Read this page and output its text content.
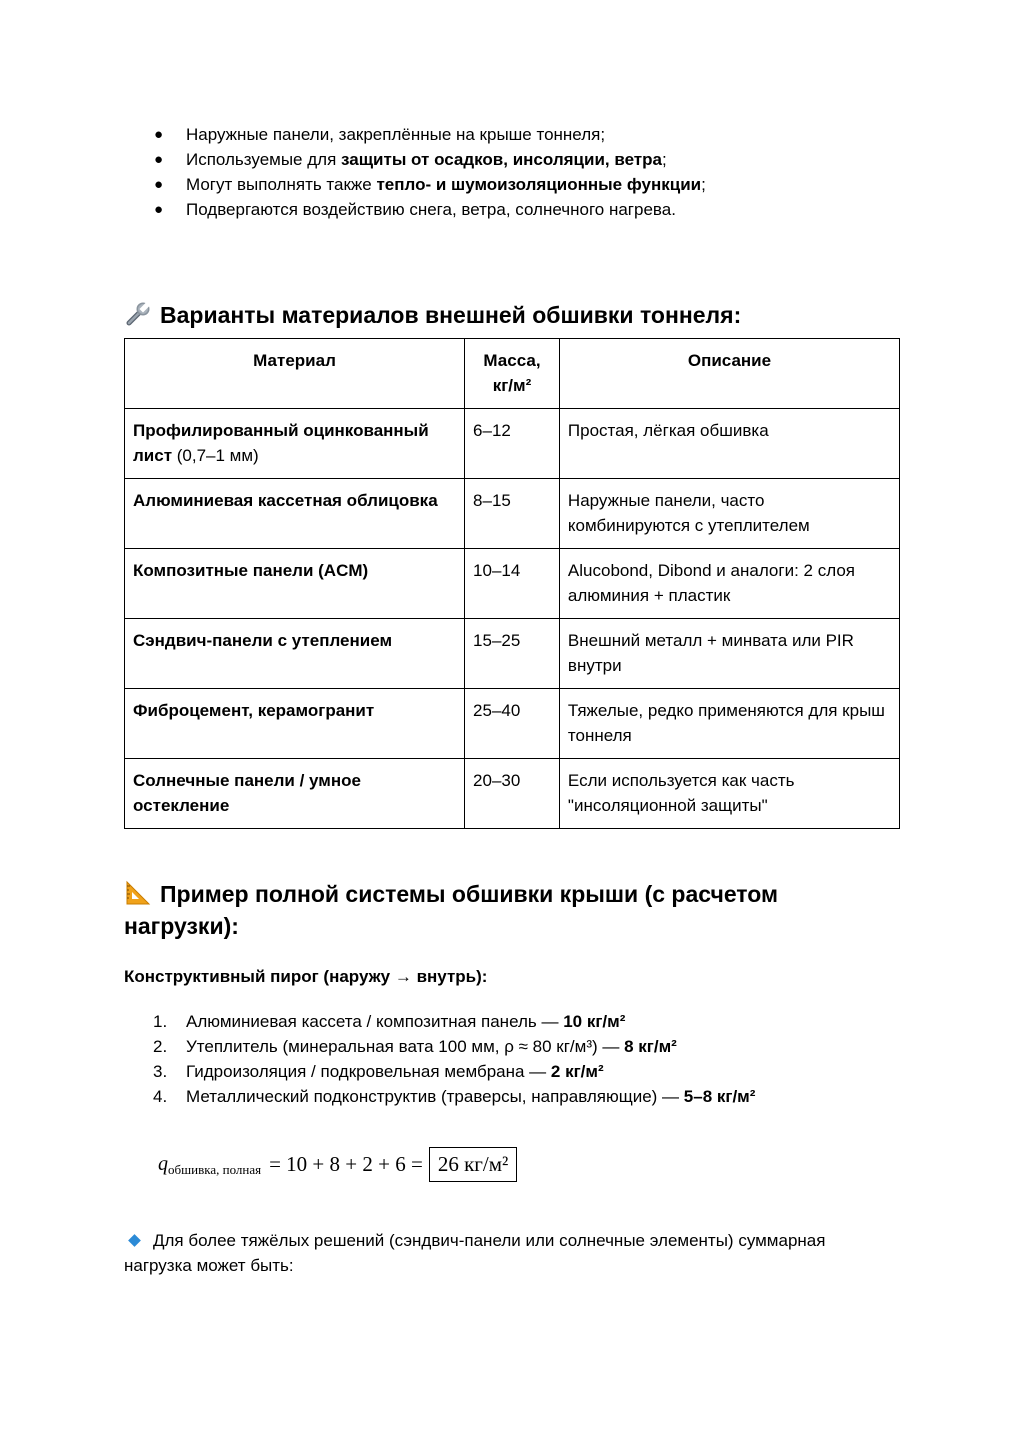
● Наружные панели, закреплённые на крыше тоннеля;
● Используемые для защиты от осадков, инсоляции, ветра;
● Могут выполнять также тепло- и шумоизоляционные функции;
● Подвергаются воздействию снега, ветра, солнечного нагрева.
Варианты материалов внешней обшивки тоннеля:
Материал	Масса, кг/м²	Описание
Профилированный оцинкованный лист (0,7–1 мм)	6–12	Простая, лёгкая обшивка
Алюминиевая кассетная облицовка	8–15	Наружные панели, часто комбинируются с утеплителем
Композитные панели (ACM)	10–14	Alucobond, Dibond и аналоги: 2 слоя алюминия + пластик
Сэндвич-панели с утеплением	15–25	Внешний металл + минвата или PIR внутри
Фиброцемент, керамогранит	25–40	Тяжелые, редко применяются для крыш тоннеля
Солнечные панели / умное остекление	20–30	Если используется как часть "инсоляционной защиты"
Пример полной системы обшивки крыши (с расчетом нагрузки):
Конструктивный пирог (наружу → внутрь):
1. Алюминиевая кассета / композитная панель — 10 кг/м²
2. Утеплитель (минеральная вата 100 мм, ρ ≈ 80 кг/м³) — 8 кг/м²
3. Гидроизоляция / подкровельная мембрана — 2 кг/м²
4. Металлический подконструктив (траверсы, направляющие) — 5–8 кг/м²
q обшивка, полная = 10 + 8 + 2 + 6 = 26 кг/м²
Для более тяжёлых решений (сэндвич-панели или солнечные элементы) суммарная нагрузка может быть:
